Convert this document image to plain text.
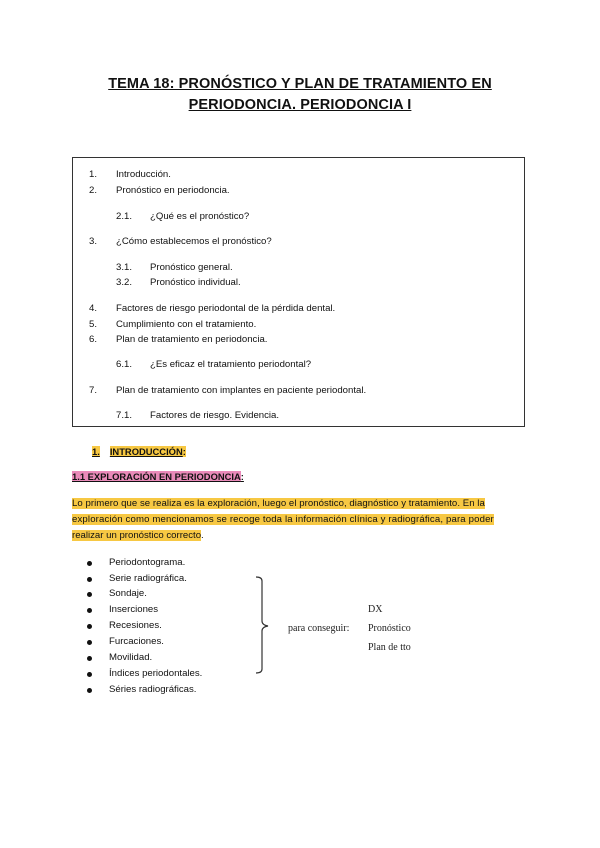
TEMA 18: PRONÓSTICO Y PLAN DE TRATAMIENTO EN
PERIODONCIA. PERIODONCIA I
1. Introducción.
2. Pronóstico en periodoncia.
2.1. ¿Qué es el pronóstico?
3. ¿Cómo establecemos el pronóstico?
3.1. Pronóstico general.
3.2. Pronóstico individual.
4. Factores de riesgo periodontal de la pérdida dental.
5. Cumplimiento con el tratamiento.
6. Plan de tratamiento en periodoncia.
6.1. ¿Es eficaz el tratamiento periodontal?
7. Plan de tratamiento con implantes en paciente periodontal.
7.1. Factores de riesgo. Evidencia.
1. INTRODUCCIÓN:
1.1 EXPLORACIÓN EN PERIODONCIA:
Lo primero que se realiza es la exploración, luego el pronóstico, diagnóstico y tratamiento. En la
exploración como mencionamos se recoge toda la información clínica y radiográfica, para poder
realizar un pronóstico correcto.
Periodontograma.
Serie radiográfica.
Sondaje.
Inserciones
Recesiones.
Furcaciones.
Movilidad.
Índices periodontales.
Séries radiográficas.
para conseguir:
DX
Pronóstico
Plan de tto
